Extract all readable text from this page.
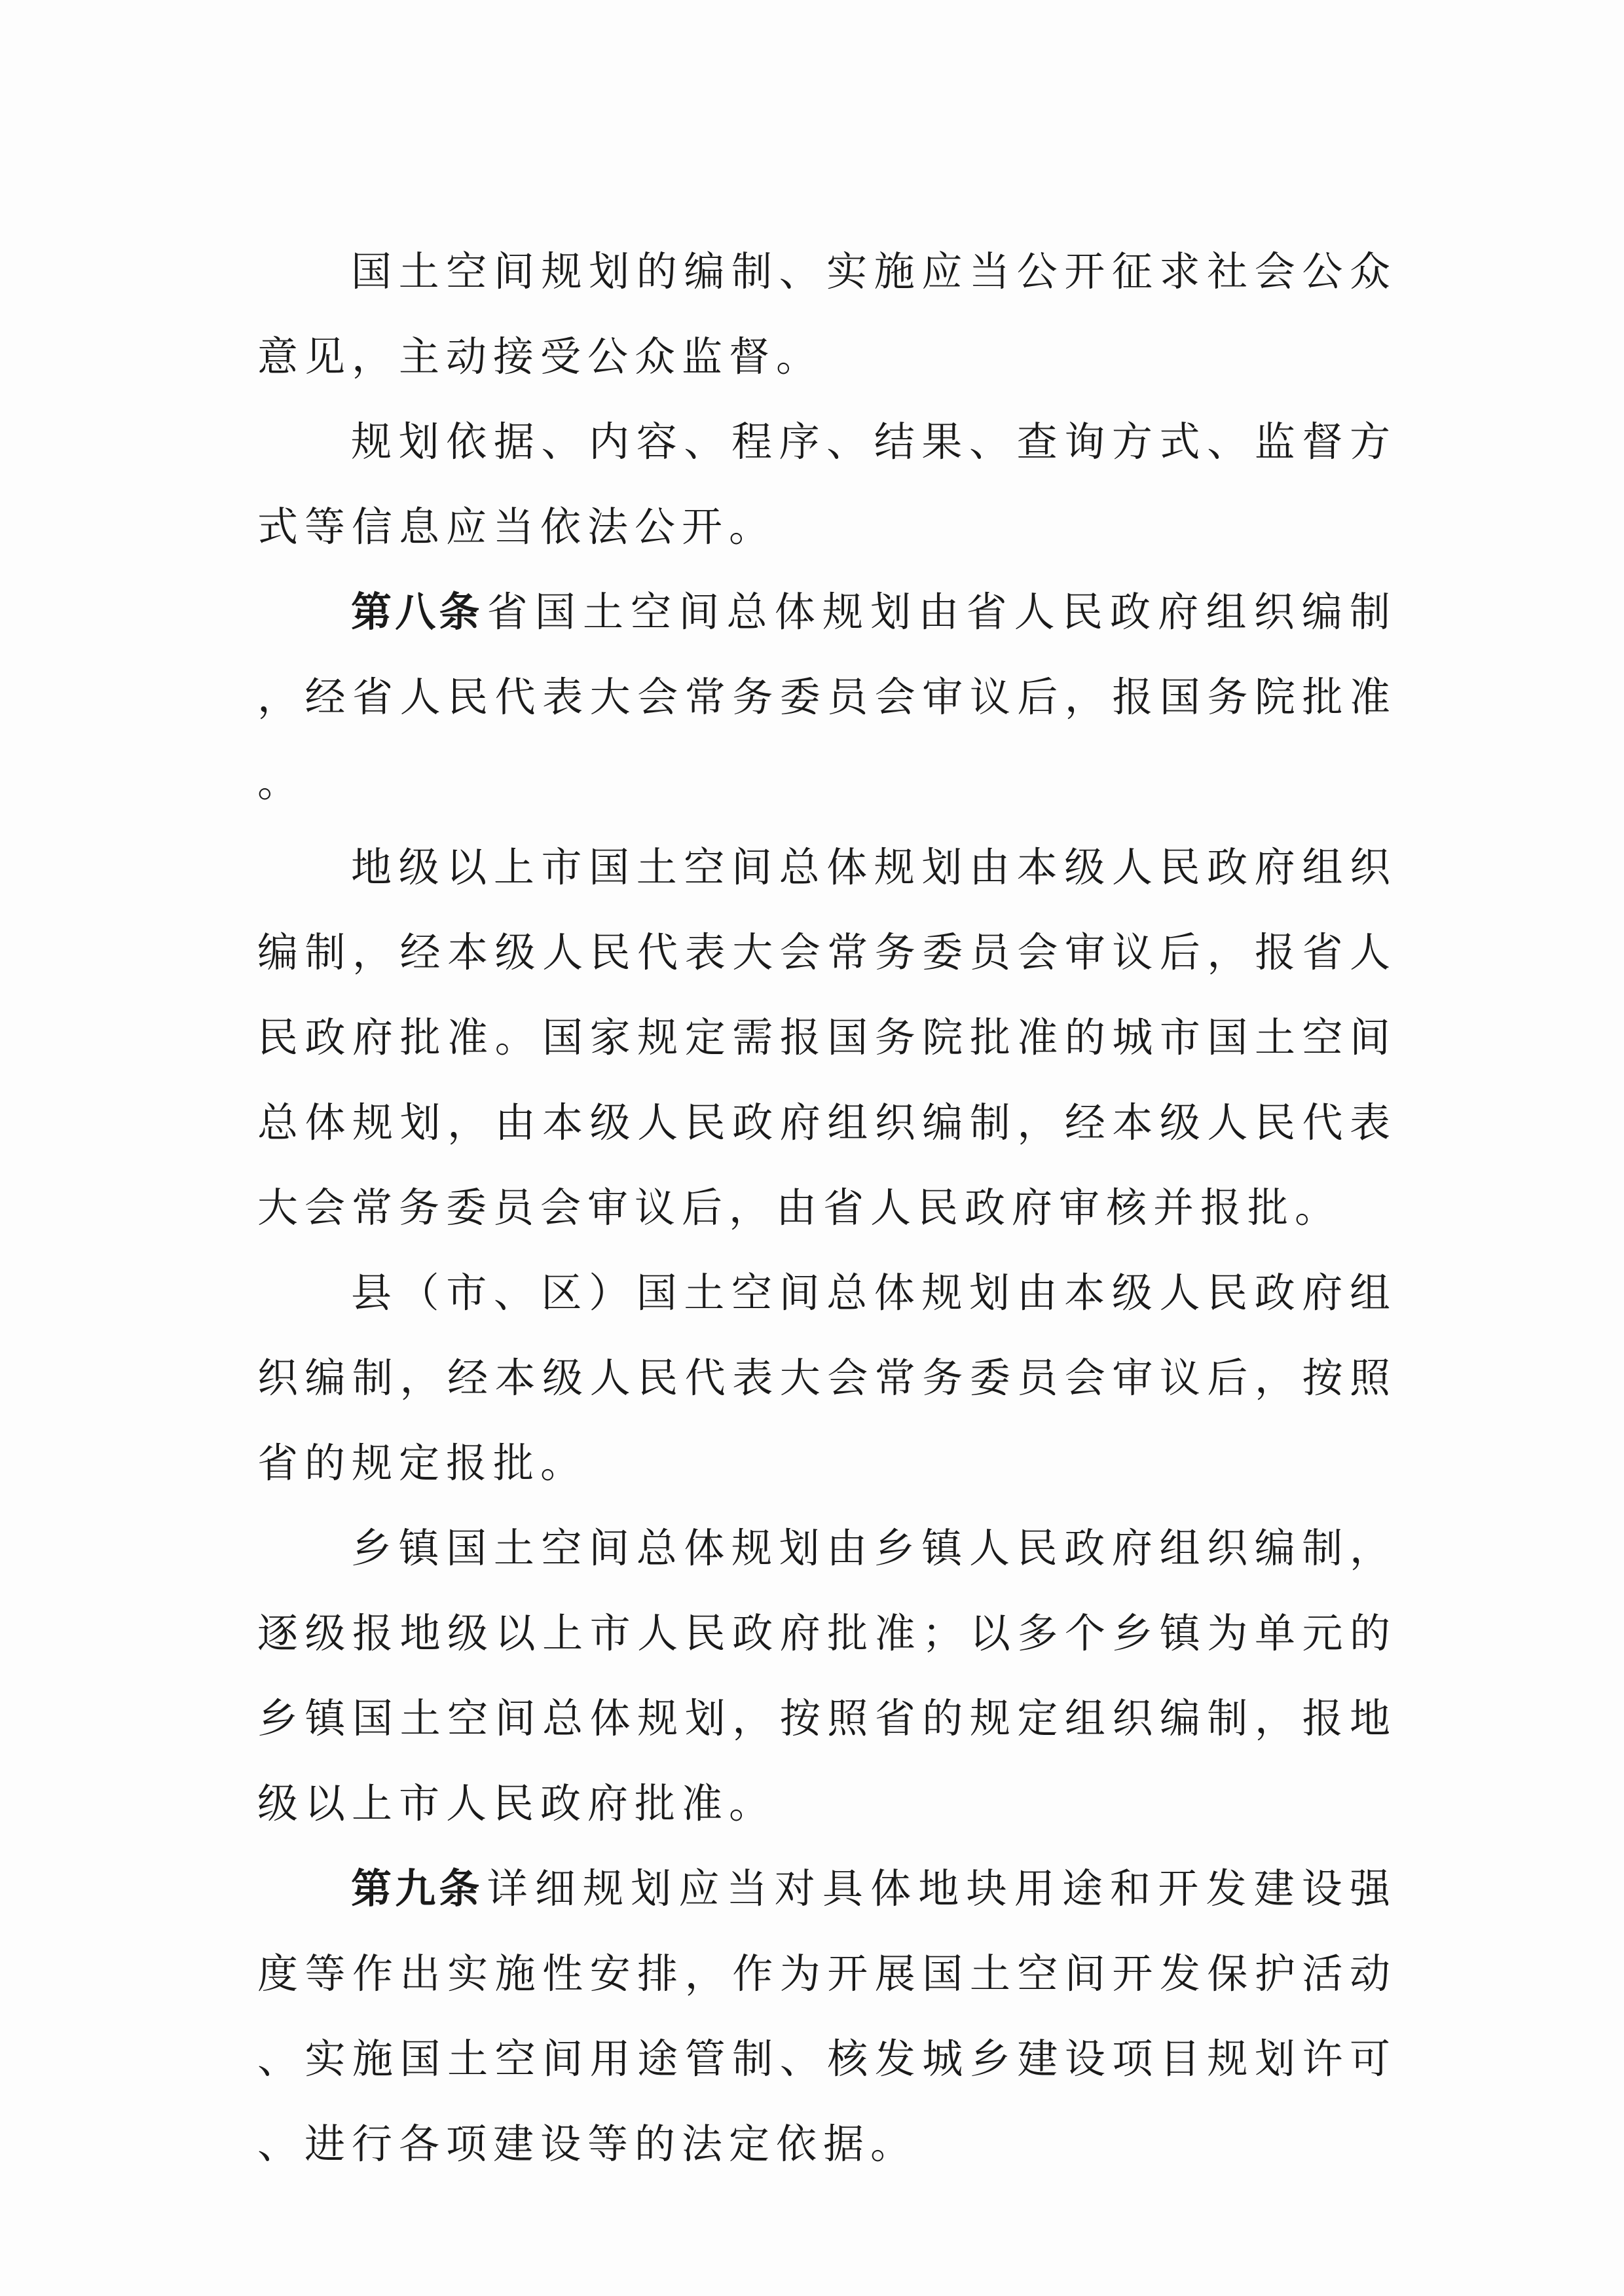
国土空间规划的编制、实施应当公开征求社会公众意见，主动接受公众监督。

规划依据、内容、程序、结果、查询方式、监督方式等信息应当依法公开。

第八条省国土空间总体规划由省人民政府组织编制，经省人民代表大会常务委员会审议后，报国务院批准。

地级以上市国土空间总体规划由本级人民政府组织编制，经本级人民代表大会常务委员会审议后，报省人民政府批准。国家规定需报国务院批准的城市国土空间总体规划，由本级人民政府组织编制，经本级人民代表大会常务委员会审议后，由省人民政府审核并报批。

县（市、区）国土空间总体规划由本级人民政府组织编制，经本级人民代表大会常务委员会审议后，按照省的规定报批。

乡镇国土空间总体规划由乡镇人民政府组织编制，逐级报地级以上市人民政府批准；以多个乡镇为单元的乡镇国土空间总体规划，按照省的规定组织编制，报地级以上市人民政府批准。

第九条详细规划应当对具体地块用途和开发建设强度等作出实施性安排，作为开展国土空间开发保护活动、实施国土空间用途管制、核发城乡建设项目规划许可、进行各项建设等的法定依据。
